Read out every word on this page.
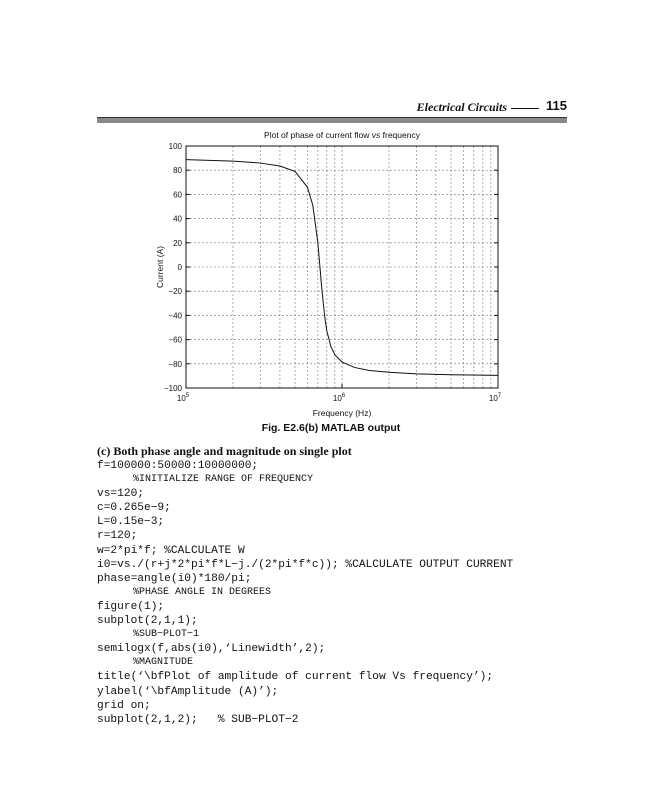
Electrical Circuits	115
Plot of phase of current flow vs frequency
100
80
60
40
20
0
−20
−40
−60
−80
−100
$10^5$	$10^6$	$10^7$
Frequency (Hz)
Current (A)
Fig. E2.6(b) MATLAB output
(c) Both phase angle and magnitude on single plot
f=100000:50000:10000000;
%INITIALIZE RANGE OF FREQUENCY
vs=120;
c=0.265e−9;
L=0.15e−3;
r=120;
w=2*pi*f; %CALCULATE W
i0=vs./(r+j*2*pi*f*L−j./(2*pi*f*c)); %CALCULATE OUTPUT CURRENT
phase=angle(i0)*180/pi;
%PHASE ANGLE IN DEGREES
figure(1);
subplot(2,1,1);
%SUB−PLOT−1
semilogx(f,abs(i0),‘Linewidth’,2);
%MAGNITUDE
title(‘\bfPlot of amplitude of current flow Vs frequency’);
ylabel(‘\bfAmplitude (A)’);
grid on;
subplot(2,1,2);   % SUB−PLOT−2
